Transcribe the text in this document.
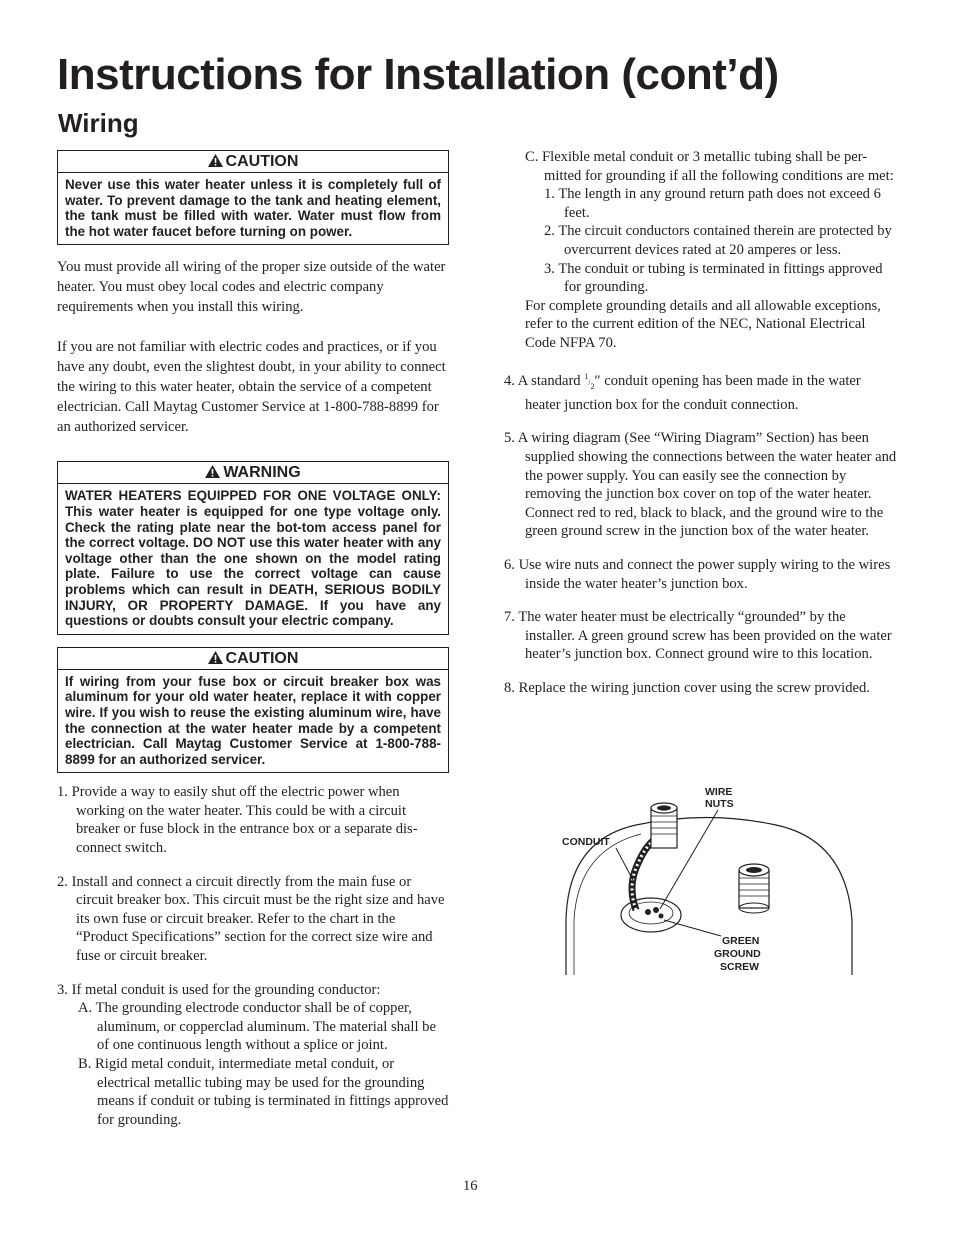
Instructions for Installation (cont’d)
Wiring
CAUTION
Never use this water heater unless it is completely full of water. To prevent damage to the tank and heating element, the tank must be filled with water. Water must flow from the hot water faucet before turning on power.

You must provide all wiring of the proper size outside of the water heater. You must obey local codes and electric company requirements when you install this wiring.

If you are not familiar with electric codes and practices, or if you have any doubt, even the slightest doubt, in your ability to connect the wiring to this water heater, obtain the service of a competent electrician. Call Maytag Customer Service at 1-800-788-8899 for an authorized servicer.

WARNING
WATER HEATERS EQUIPPED FOR ONE VOLTAGE ONLY: This water heater is equipped for one type voltage only. Check the rating plate near the bot-tom access panel for the correct voltage. DO NOT use this water heater with any voltage other than the one shown on the model rating plate. Failure to use the correct voltage can cause problems which can result in DEATH, SERIOUS BODILY INJURY, OR PROPERTY DAMAGE. If you have any questions or doubts consult your electric company.
CAUTION
If wiring from your fuse box or circuit breaker box was aluminum for your old water heater, replace it with copper wire. If you wish to reuse the existing aluminum wire, have the connection at the water heater made by a competent electrician. Call Maytag Customer Service at 1-800-788-8899 for an authorized servicer.

1. Provide a way to easily shut off the electric power when working on the water heater. This could be with a circuit breaker or fuse block in the entrance box or a separate dis-connect switch.

2. Install and connect a circuit directly from the main fuse or circuit breaker box. This circuit must be the right size and have its own fuse or circuit breaker. Refer to the chart in the “Product Specifications” section for the correct size wire and fuse or circuit breaker.

3. If metal conduit is used for the grounding conductor:

A. The grounding electrode conductor shall be of copper, aluminum, or copperclad aluminum. The material shall be of one continuous length without a splice or joint.

B. Rigid metal conduit, intermediate metal conduit, or electrical metallic tubing may be used for the grounding means if conduit or tubing is terminated in fittings approved for grounding.

C. Flexible metal conduit or 3 metallic tubing shall be per-mitted for grounding if all the following conditions are met:

1. The length in any ground return path does not exceed 6 feet.

2. The circuit conductors contained therein are protected by overcurrent devices rated at 20 amperes or less.

3. The conduit or tubing is terminated in fittings approved for grounding.

For complete grounding details and all allowable exceptions, refer to the current edition of the NEC, National Electrical Code NFPA 70.

4. A standard $^1/_2''$ conduit opening has been made in the water heater junction box for the conduit connection.

5. A wiring diagram (See “Wiring Diagram” Section) has been supplied showing the connections between the water heater and the power supply. You can easily see the connection by removing the junction box cover on top of the water heater. Connect red to red, black to black, and the ground wire to the green ground screw in the junction box of the water heater.

6. Use wire nuts and connect the power supply wiring to the wires inside the water heater’s junction box.

7. The water heater must be electrically “grounded” by the installer. A green ground screw has been provided on the water heater’s junction box. Connect ground wire to this location.

8. Replace the wiring junction cover using the screw provided.

WIRE
NUTS
CONDUIT
GREEN
GROUND
SCREW
16
